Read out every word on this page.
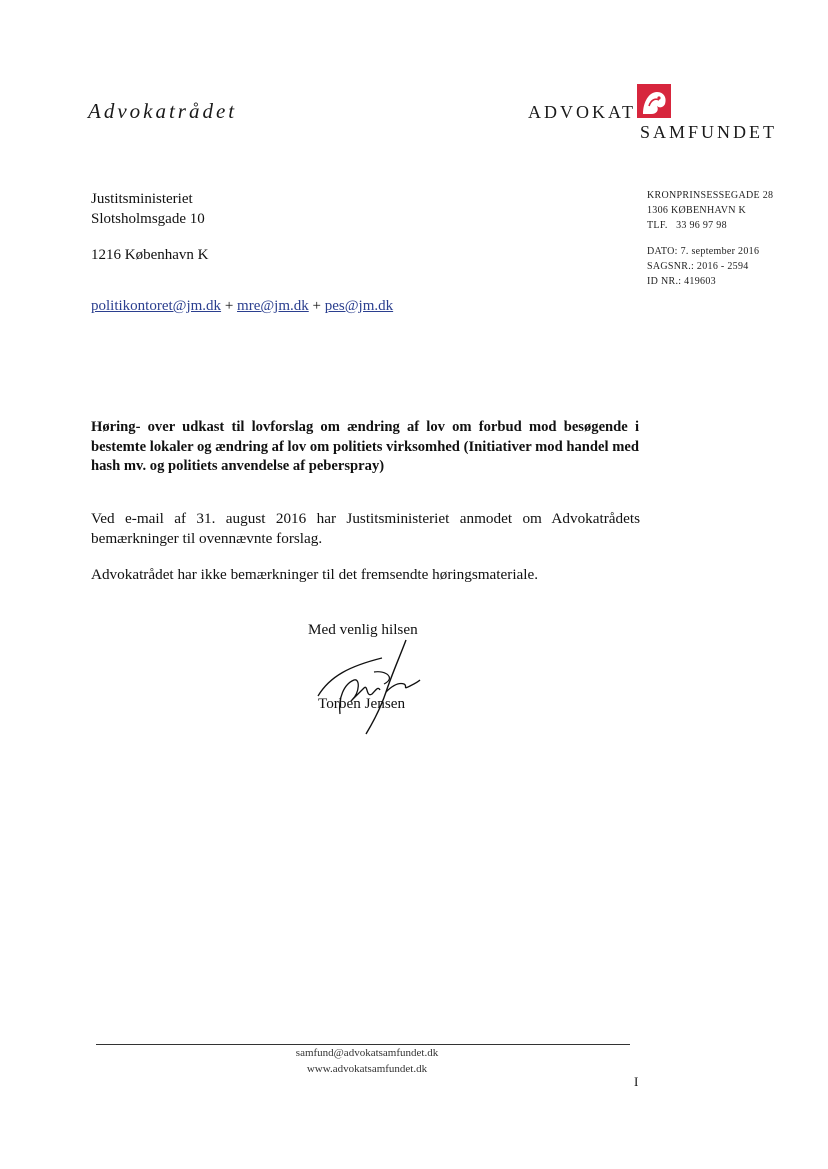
Advokatrådet	ADVOKAT
SAMFUNDET
Justitsministeriet
Slotsholmsgade 10
1216 København K
KRONPRINSESSEGADE 28
1306 KØBENHAVN K
TLF.   33 96 97 98
DATO: 7. september 2016
SAGSNR.: 2016 - 2594
ID NR.: 419603
politikontoret@jm.dk + mre@jm.dk + pes@jm.dk
Høring- over udkast til lovforslag om ændring af lov om forbud mod besøgende i bestemte lokaler og ændring af lov om politiets virksomhed (Initiativer mod handel med hash mv. og politiets anvendelse af peberspray)
Ved e-mail af 31. august 2016 har Justitsministeriet anmodet om Advokatrådets bemærkninger til ovennævnte forslag.
Advokatrådet har ikke bemærkninger til det fremsendte høringsmateriale.
Med venlig hilsen
Torben Jensen
samfund@advokatsamfundet.dk
www.advokatsamfundet.dk
I
